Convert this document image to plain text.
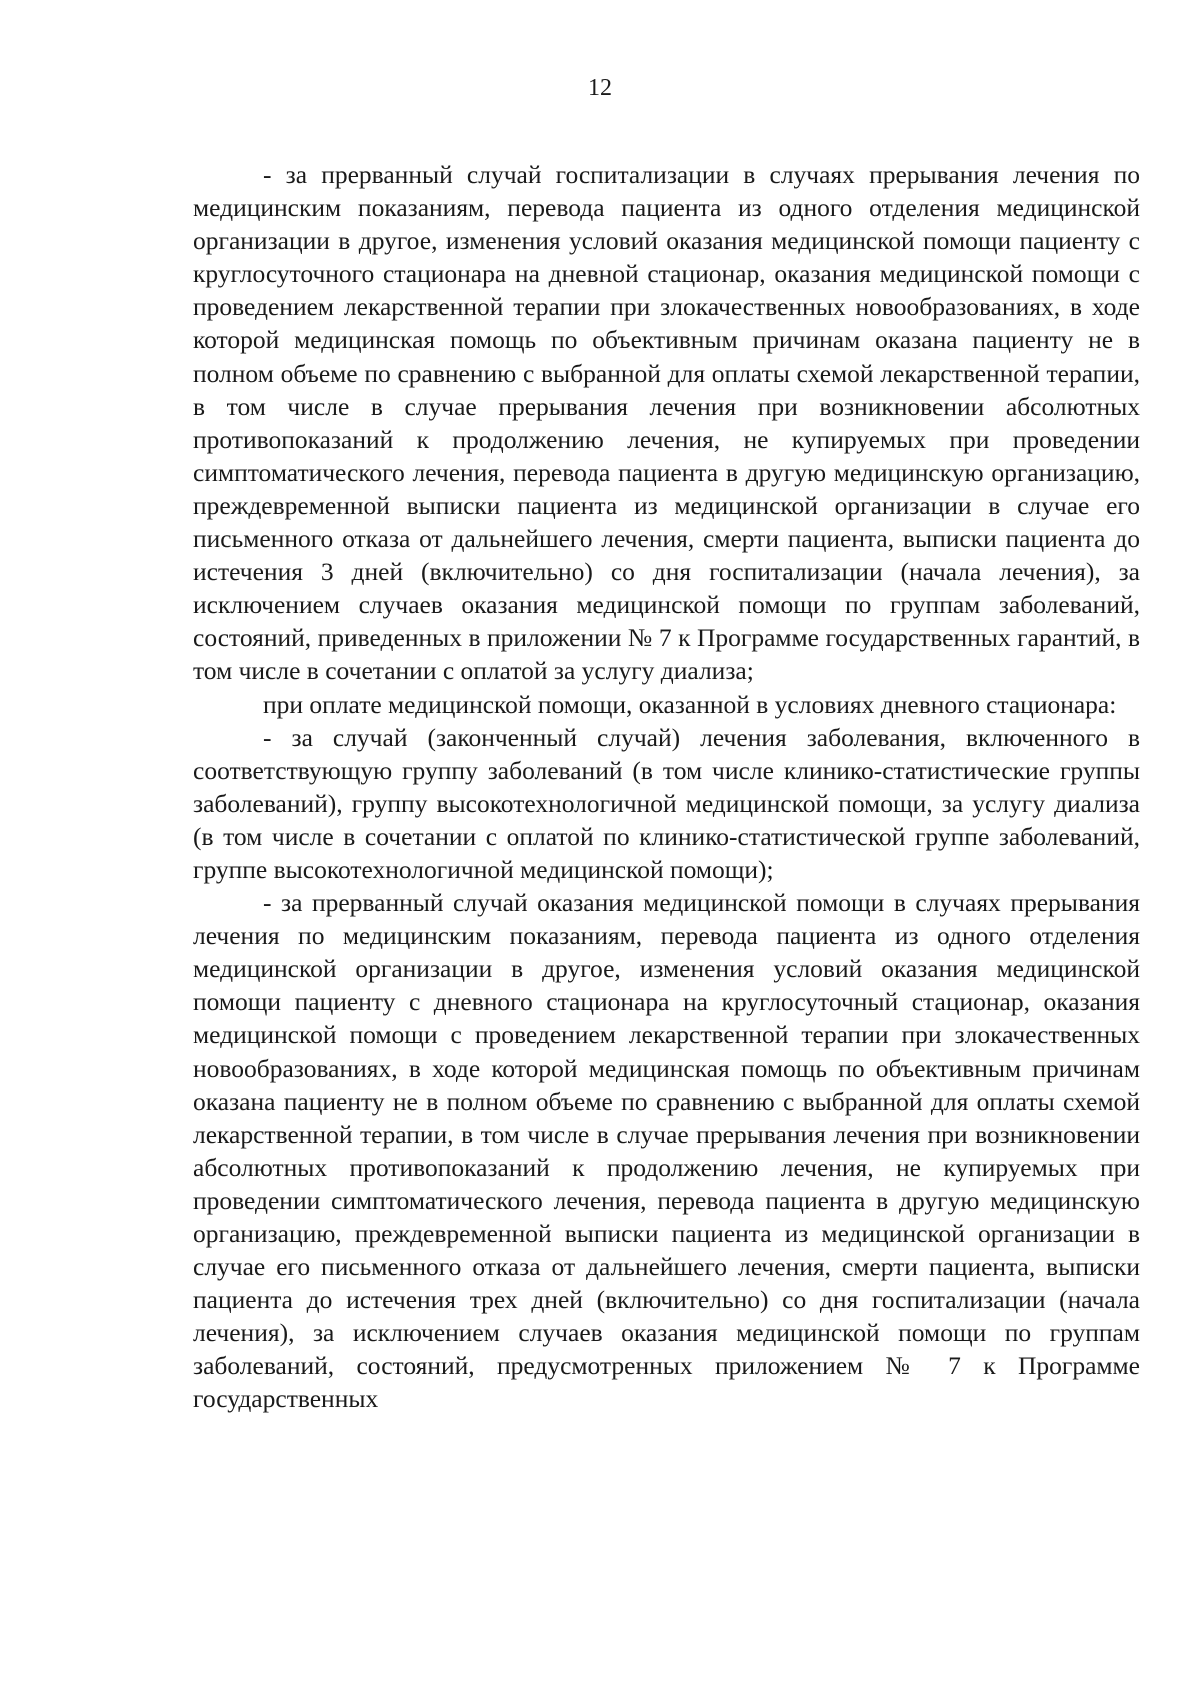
12

- за прерванный случай госпитализации в случаях прерывания лечения по медицинским показаниям, перевода пациента из одного отделения медицинской организации в другое, изменения условий оказания медицинской помощи пациенту с круглосуточного стационара на дневной стационар, оказания медицинской помощи с проведением лекарственной терапии при злокачественных новообразованиях, в ходе которой медицинская помощь по объективным причинам оказана пациенту не в полном объеме по сравнению с выбранной для оплаты схемой лекарственной терапии, в том числе в случае прерывания лечения при возникновении абсолютных противопоказаний к продолжению лечения, не купируемых при проведении симптоматического лечения, перевода пациента в другую медицинскую организацию, преждевременной выписки пациента из медицинской организации в случае его письменного отказа от дальнейшего лечения, смерти пациента, выписки пациента до истечения 3 дней (включительно) со дня госпитализации (начала лечения), за исключением случаев оказания медицинской помощи по группам заболеваний, состояний, приведенных в приложении № 7 к Программе государственных гарантий, в том числе в сочетании с оплатой за услугу диализа;

при оплате медицинской помощи, оказанной в условиях дневного стационара:

- за случай (законченный случай) лечения заболевания, включенного в соответствующую группу заболеваний (в том числе клинико-статистические группы заболеваний), группу высокотехнологичной медицинской помощи, за услугу диализа (в том числе в сочетании с оплатой по клинико-статистической группе заболеваний, группе высокотехнологичной медицинской помощи);

- за прерванный случай оказания медицинской помощи в случаях прерывания лечения по медицинским показаниям, перевода пациента из одного отделения медицинской организации в другое, изменения условий оказания медицинской помощи пациенту с дневного стационара на круглосуточный стационар, оказания медицинской помощи с проведением лекарственной терапии при злокачественных новообразованиях, в ходе которой медицинская помощь по объективным причинам оказана пациенту не в полном объеме по сравнению с выбранной для оплаты схемой лекарственной терапии, в том числе в случае прерывания лечения при возникновении абсолютных противопоказаний к продолжению лечения, не купируемых при проведении симптоматического лечения, перевода пациента в другую медицинскую организацию, преждевременной выписки пациента из медицинской организации в случае его письменного отказа от дальнейшего лечения, смерти пациента, выписки пациента до истечения трех дней (включительно) со дня госпитализации (начала лечения), за исключением случаев оказания медицинской помощи по группам заболеваний, состояний, предусмотренных приложением № 7 к Программе государственных
